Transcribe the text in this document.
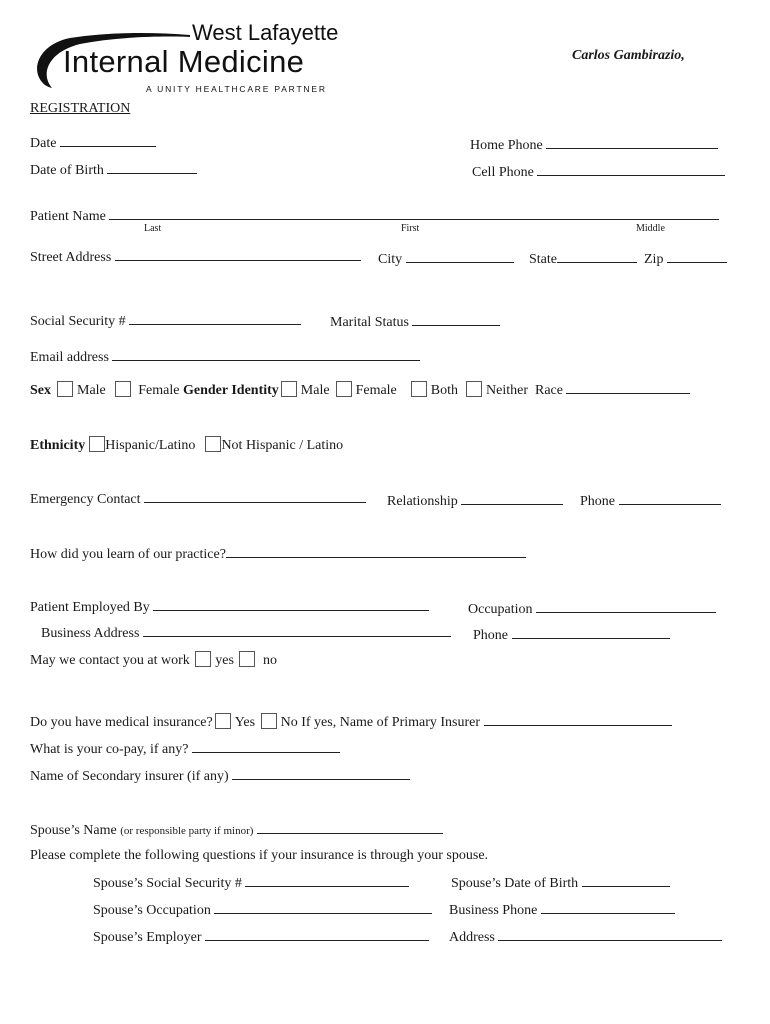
West Lafayette
Internal Medicine
A UNITY HEALTHCARE PARTNER
Carlos Gambirazio,
REGISTRATION
Date	Home Phone
Date of Birth	Cell Phone
Patient Name
Last	First	Middle
Street Address	City	State	Zip
Social Security #	Marital Status
Email address
Sex Male Female Gender Identity Male Female Both Neither Race
Ethnicity Hispanic/Latino Not Hispanic / Latino
Emergency Contact	Relationship	Phone
How did you learn of our practice?
Patient Employed By	Occupation
Business Address	Phone
May we contact you at work yes no
Do you have medical insurance? Yes No If yes, Name of Primary Insurer
What is your co-pay, if any?
Name of Secondary insurer (if any)
Spouse’s Name (or responsible party if minor)
Please complete the following questions if your insurance is through your spouse.
Spouse’s Social Security #	Spouse’s Date of Birth
Spouse’s Occupation	Business Phone
Spouse’s Employer	Address
